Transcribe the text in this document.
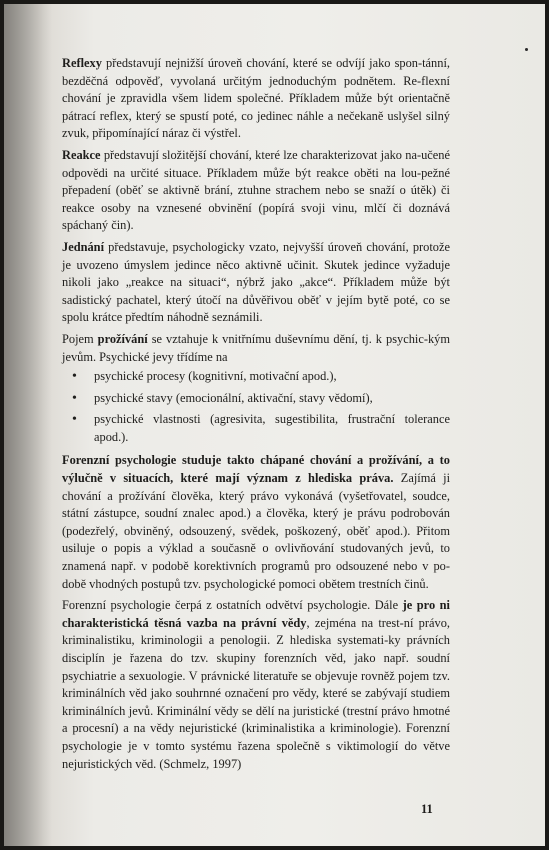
Reflexy představují nejnižší úroveň chování, které se odvíjí jako spon-tánní, bezděčná odpověď, vyvolaná určitým jednoduchým podnětem. Re-flexní chování je zpravidla všem lidem společné. Příkladem může být orientačně pátrací reflex, který se spustí poté, co jedinec náhle a nečekaně uslyšel silný zvuk, připomínající náraz či výstřel.

Reakce představují složitější chování, které lze charakterizovat jako na-učené odpovědi na určité situace. Příkladem může být reakce oběti na lou-pežné přepadení (oběť se aktivně brání, ztuhne strachem nebo se snaží o útěk) či reakce osoby na vznesené obvinění (popírá svoji vinu, mlčí či doznává spáchaný čin).

Jednání představuje, psychologicky vzato, nejvyšší úroveň chování, protože je uvozeno úmyslem jedince něco aktivně učinit. Skutek jedince vyžaduje nikoli jako „reakce na situaci“, nýbrž jako „akce“. Příkladem může být sadistický pachatel, který útočí na důvěřivou oběť v jejím bytě poté, co se spolu krátce předtím náhodně seznámili.

Pojem prožívání se vztahuje k vnitřnímu duševnímu dění, tj. k psychic-kým jevům. Psychické jevy třídíme na

• psychické procesy (kognitivní, motivační apod.),
• psychické stavy (emocionální, aktivační, stavy vědomí),
• psychické vlastnosti (agresivita, sugestibilita, frustrační tolerance apod.).

Forenzní psychologie studuje takto chápané chování a prožívání, a to výlučně v situacích, které mají význam z hlediska práva. Zajímá ji chování a prožívání člověka, který právo vykonává (vyšetřovatel, soudce, státní zástupce, soudní znalec apod.) a člověka, který je právu podrobován (podezřelý, obviněný, odsouzený, svědek, poškozený, oběť apod.). Přitom usiluje o popis a výklad a současně o ovlivňování studovaných jevů, to znamená např. v podobě korektivních programů pro odsouzené nebo v po-době vhodných postupů tzv. psychologické pomoci obětem trestních činů.

Forenzní psychologie čerpá z ostatních odvětví psychologie. Dále je pro ni charakteristická těsná vazba na právní vědy, zejména na trest-ní právo, kriminalistiku, kriminologii a penologii. Z hlediska systemati-ky právních disciplín je řazena do tzv. skupiny forenzních věd, jako např. soudní psychiatrie a sexuologie. V právnické literatuře se objevuje rovněž pojem tzv. kriminálních věd jako souhrnné označení pro vědy, které se zabývají studiem kriminálních jevů. Kriminální vědy se dělí na juristické (trestní právo hmotné a procesní) a na vědy nejuristické (kriminalistika a kriminologie). Forenzní psychologie je v tomto systému řazena společně s viktimologií do větve nejuristických věd. (Schmelz, 1997)

11
